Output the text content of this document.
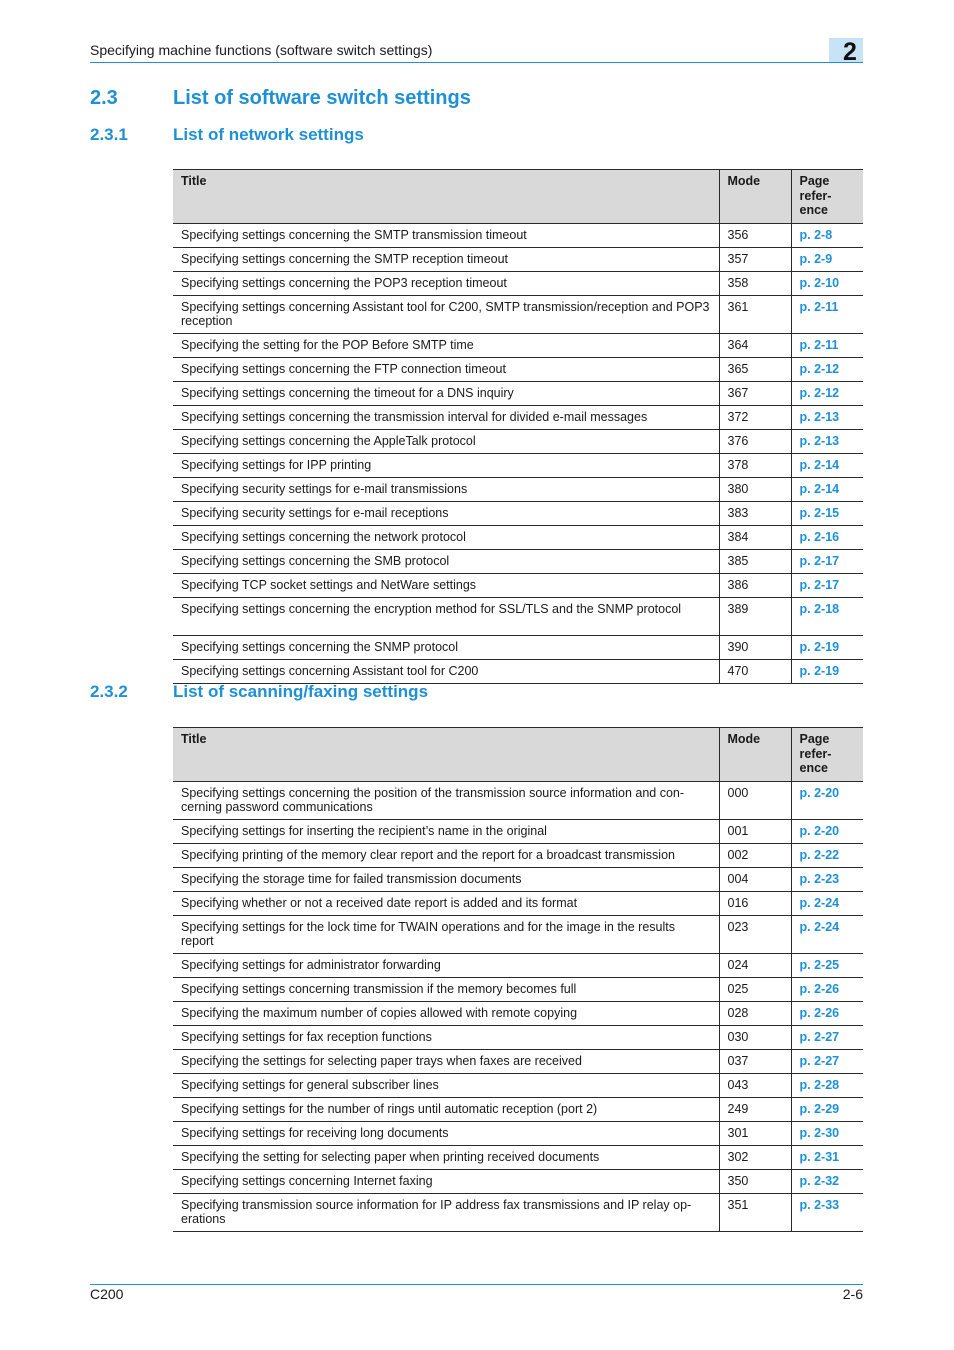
Specifying machine functions (software switch settings)	2
2.3	List of software switch settings
2.3.1	List of network settings
Title	Mode	Page
refer-
ence
Specifying settings concerning the SMTP transmission timeout	356	p. 2-8
Specifying settings concerning the SMTP reception timeout	357	p. 2-9
Specifying settings concerning the POP3 reception timeout	358	p. 2-10
Specifying settings concerning Assistant tool for C200, SMTP transmission/reception and POP3 reception	361	p. 2-11
Specifying the setting for the POP Before SMTP time	364	p. 2-11
Specifying settings concerning the FTP connection timeout	365	p. 2-12
Specifying settings concerning the timeout for a DNS inquiry	367	p. 2-12
Specifying settings concerning the transmission interval for divided e-mail messages	372	p. 2-13
Specifying settings concerning the AppleTalk protocol	376	p. 2-13
Specifying settings for IPP printing	378	p. 2-14
Specifying security settings for e-mail transmissions	380	p. 2-14
Specifying security settings for e-mail receptions	383	p. 2-15
Specifying settings concerning the network protocol	384	p. 2-16
Specifying settings concerning the SMB protocol	385	p. 2-17
Specifying TCP socket settings and NetWare settings	386	p. 2-17
Specifying settings concerning the encryption method for SSL/TLS and the SNMP protocol	389	p. 2-18
Specifying settings concerning the SNMP protocol	390	p. 2-19
Specifying settings concerning Assistant tool for C200	470	p. 2-19
2.3.2	List of scanning/faxing settings
Title	Mode	Page
refer-
ence
Specifying settings concerning the position of the transmission source information and con- cerning password communications	000	p. 2-20
Specifying settings for inserting the recipient’s name in the original	001	p. 2-20
Specifying printing of the memory clear report and the report for a broadcast transmission	002	p. 2-22
Specifying the storage time for failed transmission documents	004	p. 2-23
Specifying whether or not a received date report is added and its format	016	p. 2-24
Specifying settings for the lock time for TWAIN operations and for the image in the results report	023	p. 2-24
Specifying settings for administrator forwarding	024	p. 2-25
Specifying settings concerning transmission if the memory becomes full	025	p. 2-26
Specifying the maximum number of copies allowed with remote copying	028	p. 2-26
Specifying settings for fax reception functions	030	p. 2-27
Specifying the settings for selecting paper trays when faxes are received	037	p. 2-27
Specifying settings for general subscriber lines	043	p. 2-28
Specifying settings for the number of rings until automatic reception (port 2)	249	p. 2-29
Specifying settings for receiving long documents	301	p. 2-30
Specifying the setting for selecting paper when printing received documents	302	p. 2-31
Specifying settings concerning Internet faxing	350	p. 2-32
Specifying transmission source information for IP address fax transmissions and IP relay op- erations	351	p. 2-33
C200	2-6
